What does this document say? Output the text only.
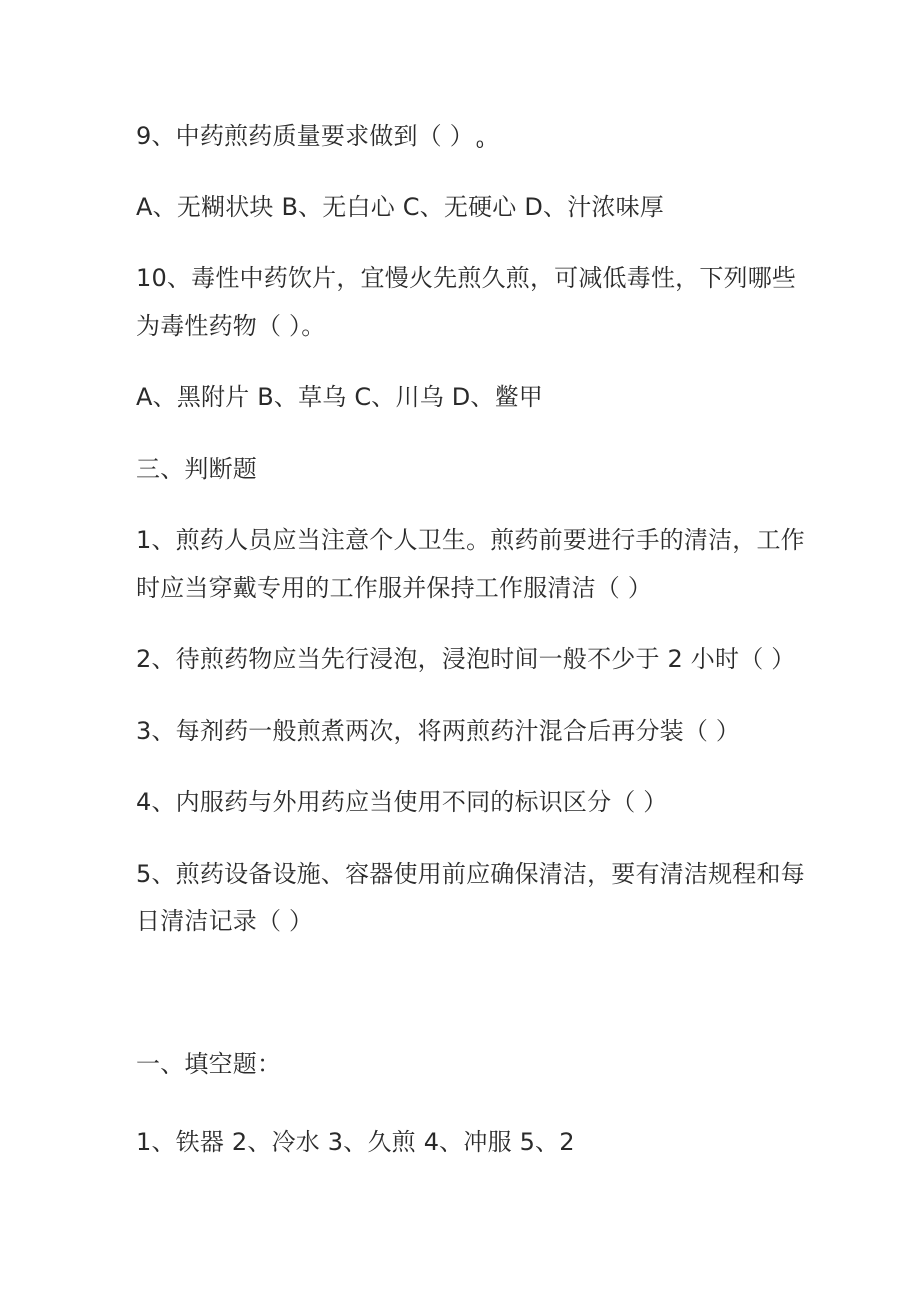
9、中药煎药质量要求做到（ ） $_o$
A、无糊状块 B、无白心 C、无硬心 D、汁浓味厚
10、毒性中药饮片，宜慢火先煎久煎，可减低毒性，下列哪些
为毒性药物（ ）。
A、黑附片 B、草乌 C、川乌 D、鳖甲
三、判断题
1、煎药人员应当注意个人卫生。煎药前要进行手的清洁，工作
时应当穿戴专用的工作服并保持工作服清洁（ ）
2、待煎药物应当先行浸泡，浸泡时间一般不少于 2 小时（ ）
3、每剂药一般煎煮两次，将两煎药汁混合后再分装（ ）
4、内服药与外用药应当使用不同的标识区分（ ）
5、煎药设备设施、容器使用前应确保清洁，要有清洁规程和每
日清洁记录（ ）
一、填空题：
1、铁器 2、冷水 3、久煎 4、冲服 5、2
